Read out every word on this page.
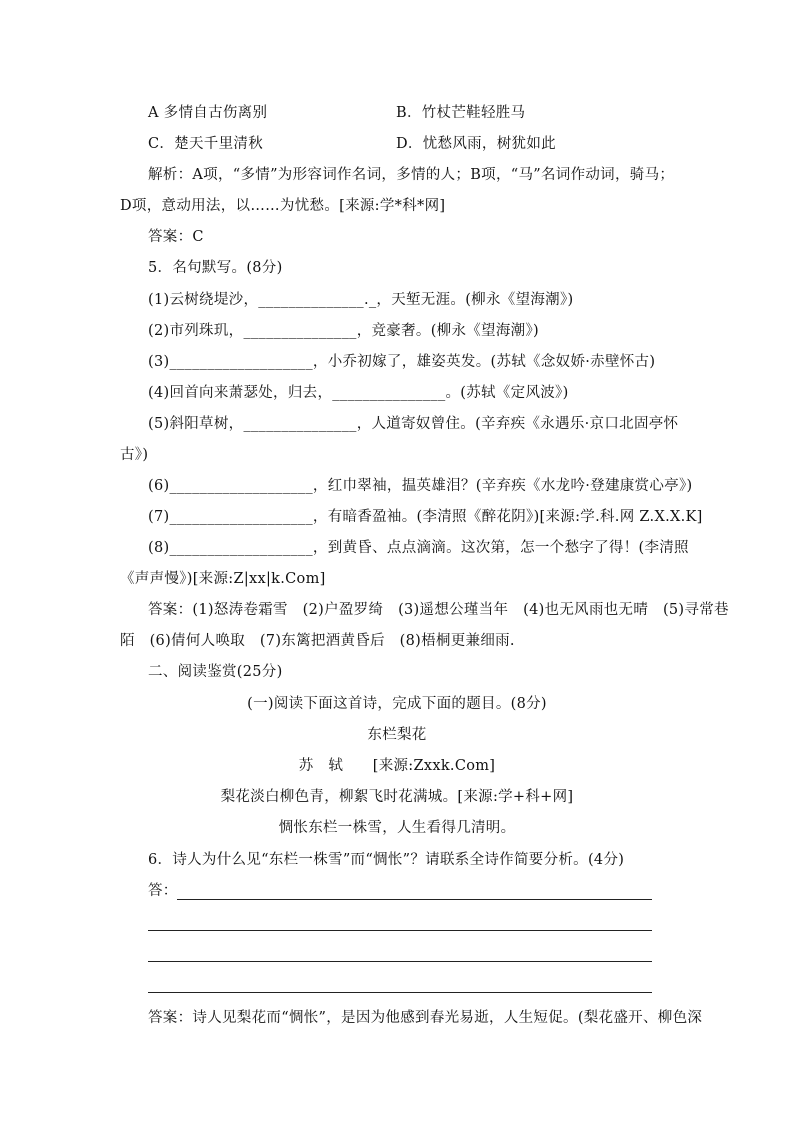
A 多情自古伤离别	B．竹杖芒鞋轻胜马
C．楚天千里清秋	D．忧愁风雨，树犹如此
解析：A项，“多情”为形容词作名词，多情的人；B项，“马”名词作动词，骑马；
D项，意动用法，以……为忧愁。[来源:学*科*网]
答案：C
5．名句默写。(8分)
(1)云树绕堤沙，______________._，天堑无涯。(柳永《望海潮》)
(2)市列珠玑，_______________，竞豪奢。(柳永《望海潮》)
(3)___________________，小乔初嫁了，雄姿英发。(苏轼《念奴娇·赤壁怀古)
(4)回首向来萧瑟处，归去，_______________。(苏轼《定风波》)
(5)斜阳草树，_______________，人道寄奴曾住。(辛弃疾《永遇乐·京口北固亭怀
古》)
(6)___________________，红巾翠袖，揾英雄泪？(辛弃疾《水龙吟·登建康赏心亭》)
(7)___________________，有暗香盈袖。(李清照《醉花阴》)[来源:学.科.网 Z.X.X.K]
(8)___________________，到黄昏、点点滴滴。这次第，怎一个愁字了得！(李清照
《声声慢》)[来源:Z|xx|k.Com]
答案：(1)怒涛卷霜雪　(2)户盈罗绮　(3)遥想公瑾当年　(4)也无风雨也无晴　(5)寻常巷
陌　(6)倩何人唤取　(7)东篱把酒黄昏后　(8)梧桐更兼细雨.
二、阅读鉴赏(25分)
(一)阅读下面这首诗，完成下面的题目。(8分)
东栏梨花
苏　轼　　[来源:Zxxk.Com]
梨花淡白柳色青，柳絮飞时花满城。[来源:学+科+网]
惆怅东栏一株雪，人生看得几清明。
6．诗人为什么见“东栏一株雪”而“惆怅”？请联系全诗作简要分析。(4分)
答：
答案：诗人见梨花而“惆怅”，是因为他感到春光易逝，人生短促。(梨花盛开、柳色深
